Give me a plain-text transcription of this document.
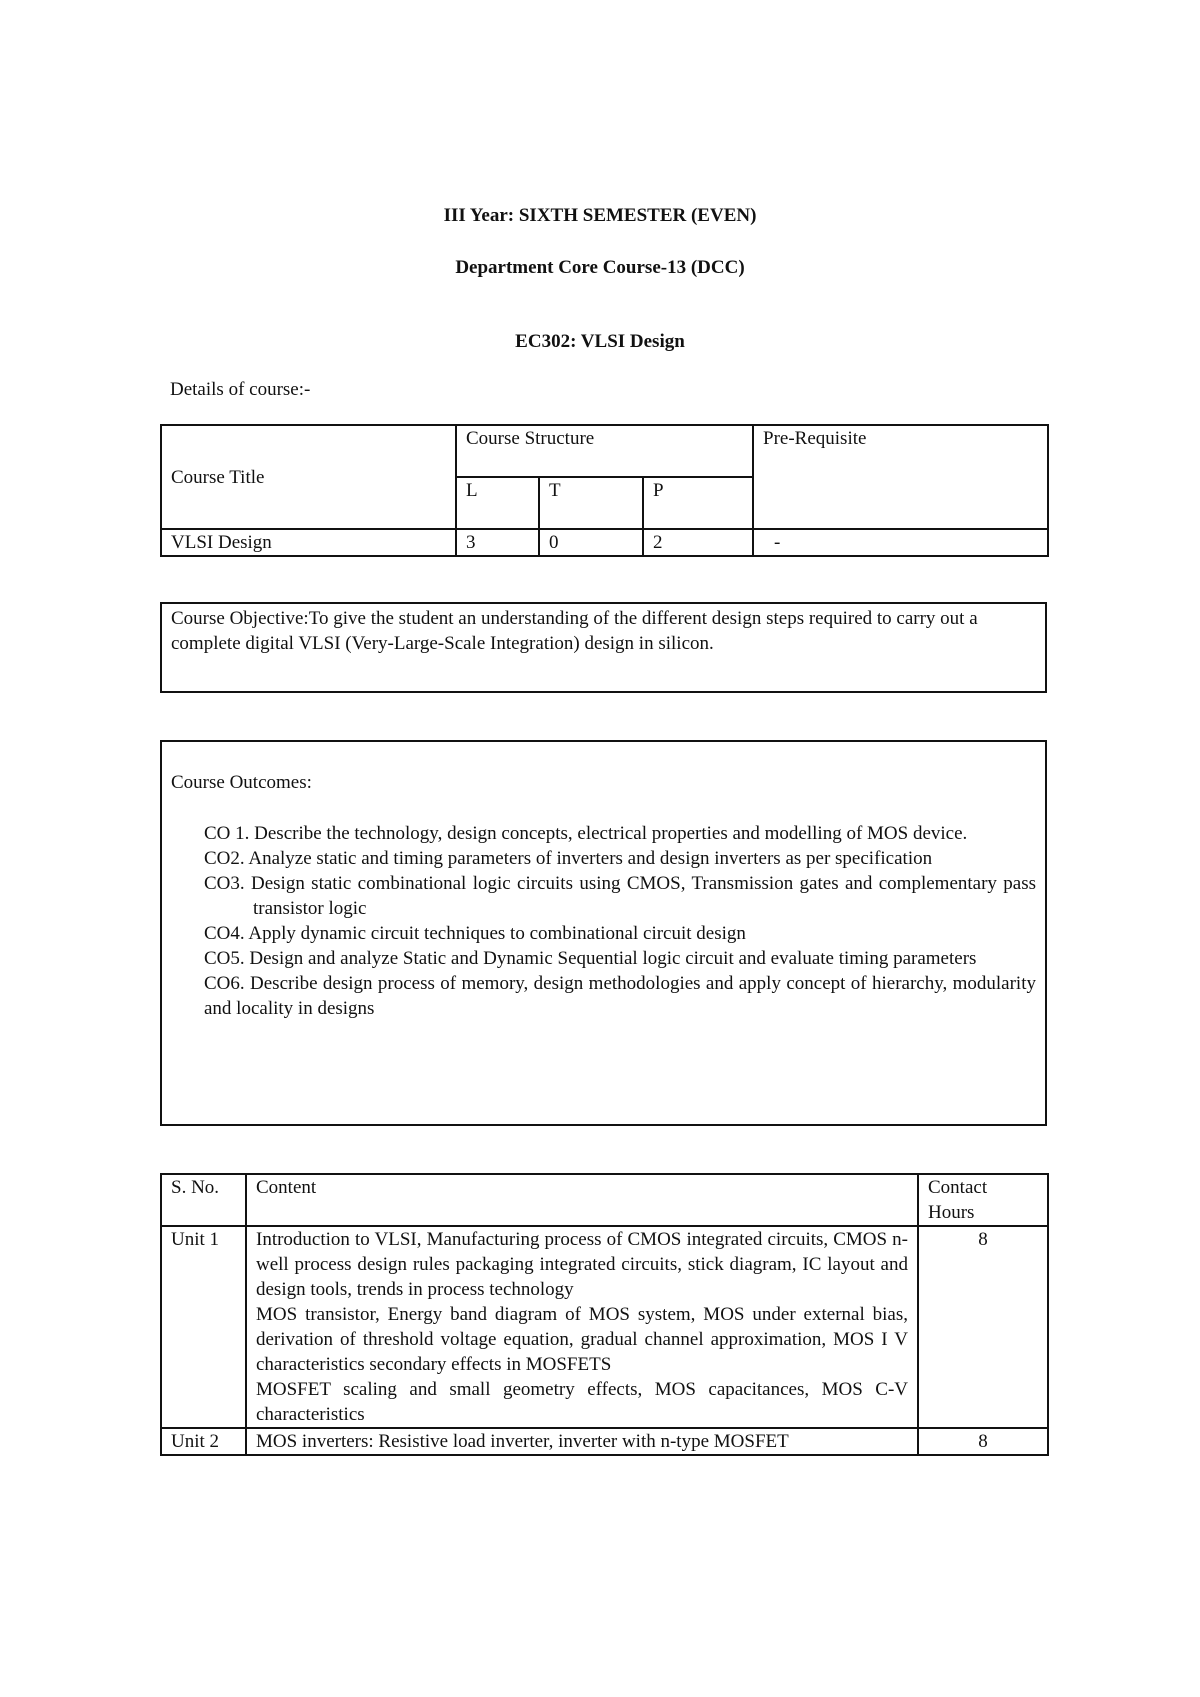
III Year: SIXTH SEMESTER (EVEN)
Department Core Course-13 (DCC)
EC302: VLSI Design
Details of course:-
Course Title	Course Structure			Pre-Requisite
	L	T	P	
VLSI Design	3	0	2	-
Course Objective:To give the student an understanding of the different design steps required to carry out a complete digital VLSI (Very-Large-Scale Integration) design in silicon.
Course Outcomes:
CO 1. Describe the technology, design concepts, electrical properties and modelling of MOS device.
CO2. Analyze static and timing parameters of inverters and design inverters as per specification
CO3. Design static combinational logic circuits using CMOS, Transmission gates and complementary pass transistor logic
CO4. Apply dynamic circuit techniques to combinational circuit design
CO5. Design and analyze Static and Dynamic Sequential logic circuit and evaluate timing parameters
CO6. Describe design process of memory, design methodologies and apply concept of hierarchy, modularity and locality in designs
S. No.	Content	Contact Hours
Unit 1	Introduction to VLSI, Manufacturing process of CMOS integrated circuits, CMOS n-well process design rules packaging integrated circuits, stick diagram, IC layout and design tools, trends in process technology
MOS transistor, Energy band diagram of MOS system, MOS under external bias, derivation of threshold voltage equation, gradual channel approximation, MOS I V characteristics secondary effects in MOSFETS
MOSFET scaling and small geometry effects, MOS capacitances, MOS C-V characteristics	8
Unit 2	MOS inverters: Resistive load inverter, inverter with n-type MOSFET	8
